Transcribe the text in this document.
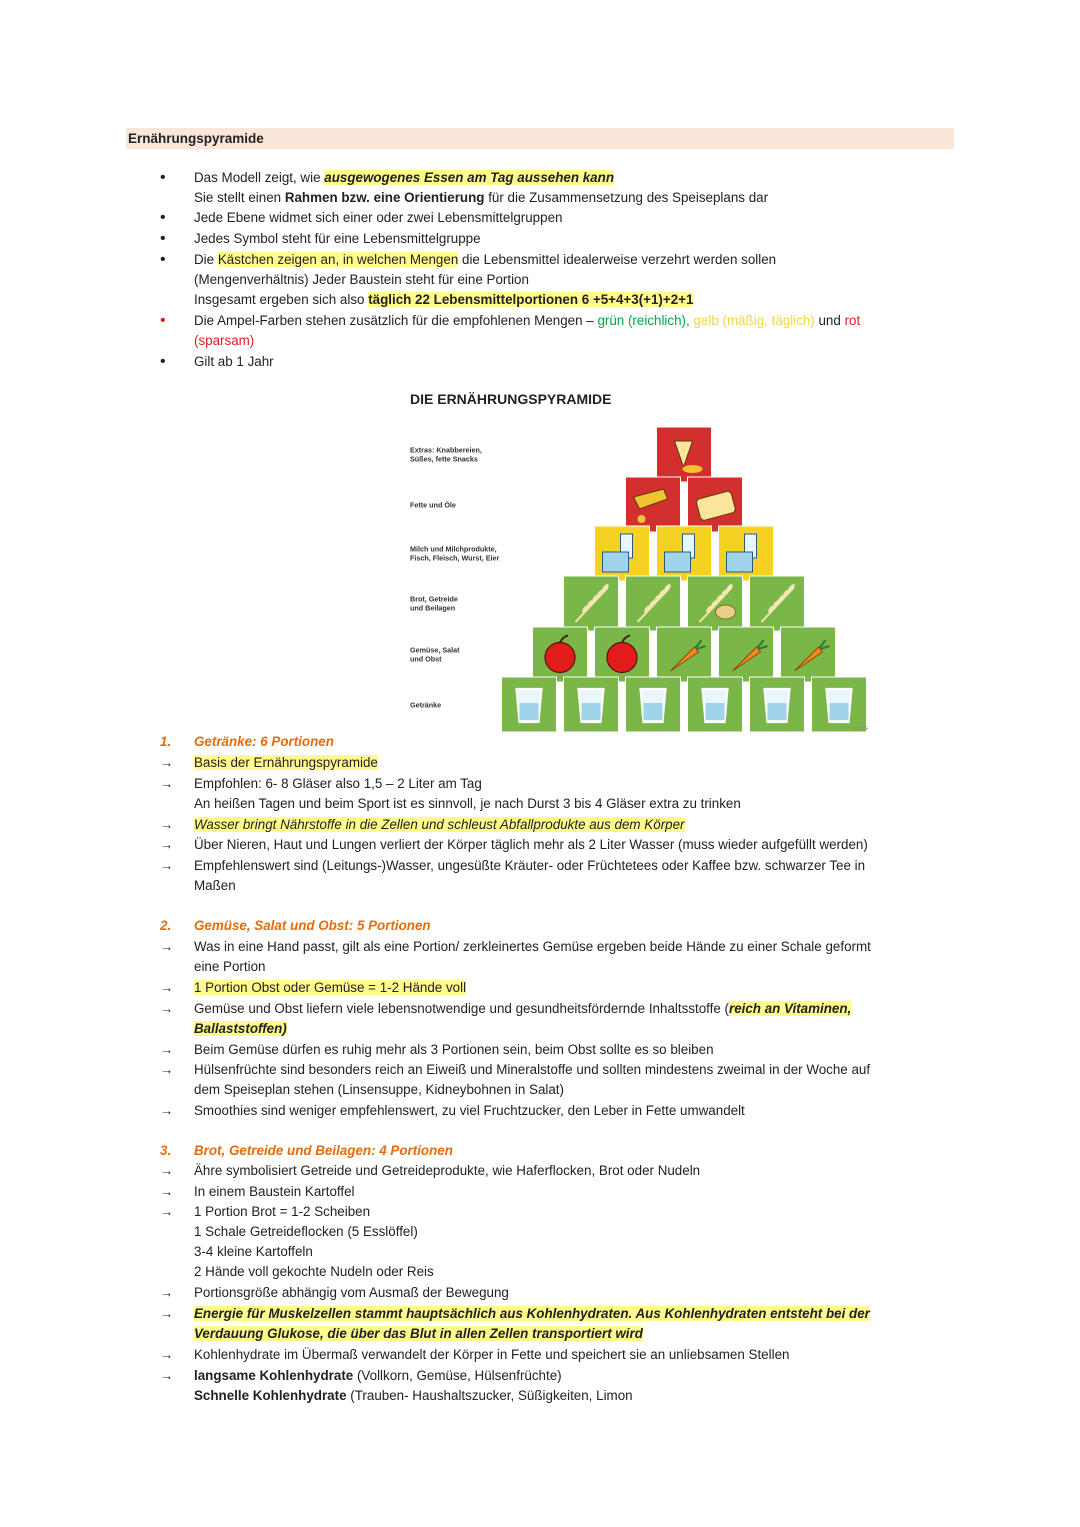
Ernährungspyramide
•	Das Modell zeigt, wie ausgewogenes Essen am Tag aussehen kann
Sie stellt einen Rahmen bzw. eine Orientierung für die Zusammensetzung des Speiseplans dar
•	Jede Ebene widmet sich einer oder zwei Lebensmittelgruppen
•	Jedes Symbol steht für eine Lebensmittelgruppe
•	Die Kästchen zeigen an, in welchen Mengen die Lebensmittel idealerweise verzehrt werden sollen
(Mengenverhältnis) Jeder Baustein steht für eine Portion
Insgesamt ergeben sich also täglich 22 Lebensmittelportionen 6 +5+4+3(+1)+2+1
•	Die Ampel-Farben stehen zusätzlich für die empfohlenen Mengen – grün (reichlich), gelb (mäßig, täglich) und rot
(sparsam)
•	Gilt ab 1 Jahr
DIE ERNÄHRUNGSPYRAMIDE
Extras: Knabbereien,
Süßes, fette Snacks
Fette und Öle
Milch und Milchprodukte,
Fisch, Fleisch, Wurst, Eier
Brot, Getreide
und Beilagen
Gemüse, Salat
und Obst
Getränke
© BLE
1.	Getränke: 6 Portionen
→	Basis der Ernährungspyramide
→	Empfohlen: 6- 8 Gläser also 1,5 – 2 Liter am Tag
An heißen Tagen und beim Sport ist es sinnvoll, je nach Durst 3 bis 4 Gläser extra zu trinken
→	Wasser bringt Nährstoffe in die Zellen und schleust Abfallprodukte aus dem Körper
→	Über Nieren, Haut und Lungen verliert der Körper täglich mehr als 2 Liter Wasser (muss wieder aufgefüllt werden)
→	Empfehlenswert sind (Leitungs-)Wasser, ungesüßte Kräuter- oder Früchtetees oder Kaffee bzw. schwarzer Tee in
Maßen
2.	Gemüse, Salat und Obst: 5 Portionen
→	Was in eine Hand passt, gilt als eine Portion/ zerkleinertes Gemüse ergeben beide Hände zu einer Schale geformt
eine Portion
→	1 Portion Obst oder Gemüse = 1-2 Hände voll
→	Gemüse und Obst liefern viele lebensnotwendige und gesundheitsfördernde Inhaltsstoffe (reich an Vitaminen,
Ballaststoffen)
→	Beim Gemüse dürfen es ruhig mehr als 3 Portionen sein, beim Obst sollte es so bleiben
→	Hülsenfrüchte sind besonders reich an Eiweiß und Mineralstoffe und sollten mindestens zweimal in der Woche auf
dem Speiseplan stehen (Linsensuppe, Kidneybohnen in Salat)
→	Smoothies sind weniger empfehlenswert, zu viel Fruchtzucker, den Leber in Fette umwandelt
3.	Brot, Getreide und Beilagen: 4 Portionen
→	Ähre symbolisiert Getreide und Getreideprodukte, wie Haferflocken, Brot oder Nudeln
→	In einem Baustein Kartoffel
→	1 Portion Brot = 1-2 Scheiben
1 Schale Getreideflocken (5 Esslöffel)
3-4 kleine Kartoffeln
2 Hände voll gekochte Nudeln oder Reis
→	Portionsgröße abhängig vom Ausmaß der Bewegung
→	Energie für Muskelzellen stammt hauptsächlich aus Kohlenhydraten. Aus Kohlenhydraten entsteht bei der
Verdauung Glukose, die über das Blut in allen Zellen transportiert wird
→	Kohlenhydrate im Übermaß verwandelt der Körper in Fette und speichert sie an unliebsamen Stellen
→	langsame Kohlenhydrate (Vollkorn, Gemüse, Hülsenfrüchte)
Schnelle Kohlenhydrate (Trauben- Haushaltszucker, Süßigkeiten, Limon
